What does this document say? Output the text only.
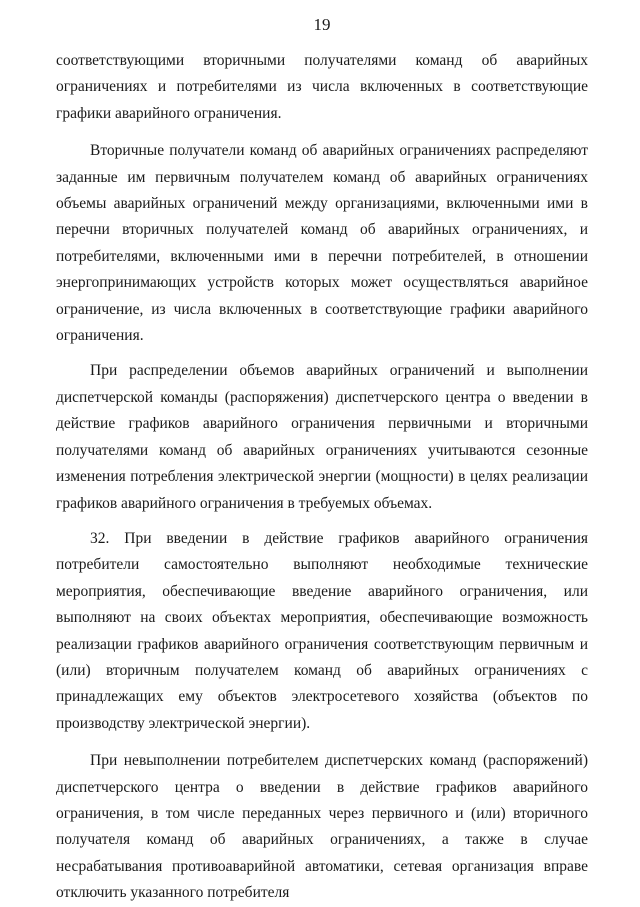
19

соответствующими вторичными получателями команд об аварийных ограничениях и потребителями из числа включенных в соответствующие графики аварийного ограничения.

Вторичные получатели команд об аварийных ограничениях распределяют заданные им первичным получателем команд об аварийных ограничениях объемы аварийных ограничений между организациями, включенными ими в перечни вторичных получателей команд об аварийных ограничениях, и потребителями, включенными ими в перечни потребителей, в отношении энергопринимающих устройств которых может осуществляться аварийное ограничение, из числа включенных в соответствующие графики аварийного ограничения.

При распределении объемов аварийных ограничений и выполнении диспетчерской команды (распоряжения) диспетчерского центра о введении в действие графиков аварийного ограничения первичными и вторичными получателями команд об аварийных ограничениях учитываются сезонные изменения потребления электрической энергии (мощности) в целях реализации графиков аварийного ограничения в требуемых объемах.

32. При введении в действие графиков аварийного ограничения потребители самостоятельно выполняют необходимые технические мероприятия, обеспечивающие введение аварийного ограничения, или выполняют на своих объектах мероприятия, обеспечивающие возможность реализации графиков аварийного ограничения соответствующим первичным и (или) вторичным получателем команд об аварийных ограничениях с принадлежащих ему объектов электросетевого хозяйства (объектов по производству электрической энергии).

При невыполнении потребителем диспетчерских команд (распоряжений) диспетчерского центра о введении в действие графиков аварийного ограничения, в том числе переданных через первичного и (или) вторичного получателя команд об аварийных ограничениях, а также в случае несрабатывания противоаварийной автоматики, сетевая организация вправе отключить указанного потребителя
